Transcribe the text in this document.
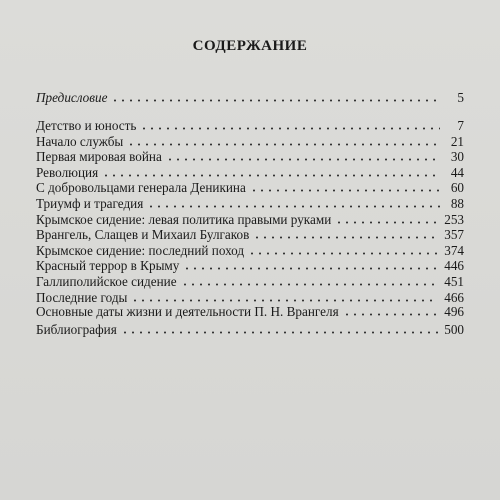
СОДЕРЖАНИЕ
Предисловие	5
Детство и юность	7
Начало службы	21
Первая мировая война	30
Революция	44
С добровольцами генерала Деникина	60
Триумф и трагедия	88
Крымское сидение: левая политика правыми руками	253
Врангель, Слащев и Михаил Булгаков	357
Крымское сидение: последний поход	374
Красный террор в Крыму	446
Галлиполийское сидение	451
Последние годы	466
Основные даты жизни и деятельности П. Н. Врангеля	496
Библиография	500
